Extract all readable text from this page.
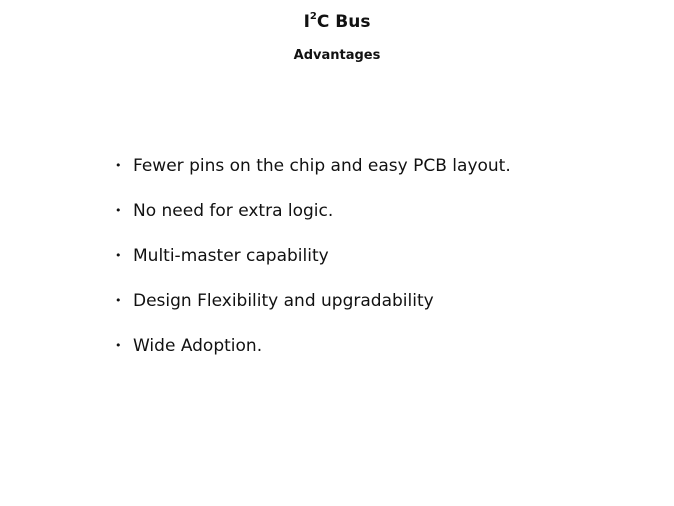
$I^2C$ Bus
Advantages
• Fewer pins on the chip and easy PCB layout.
• No need for extra logic.
• Multi-master capability
• Design Flexibility and upgradability
• Wide Adoption.
